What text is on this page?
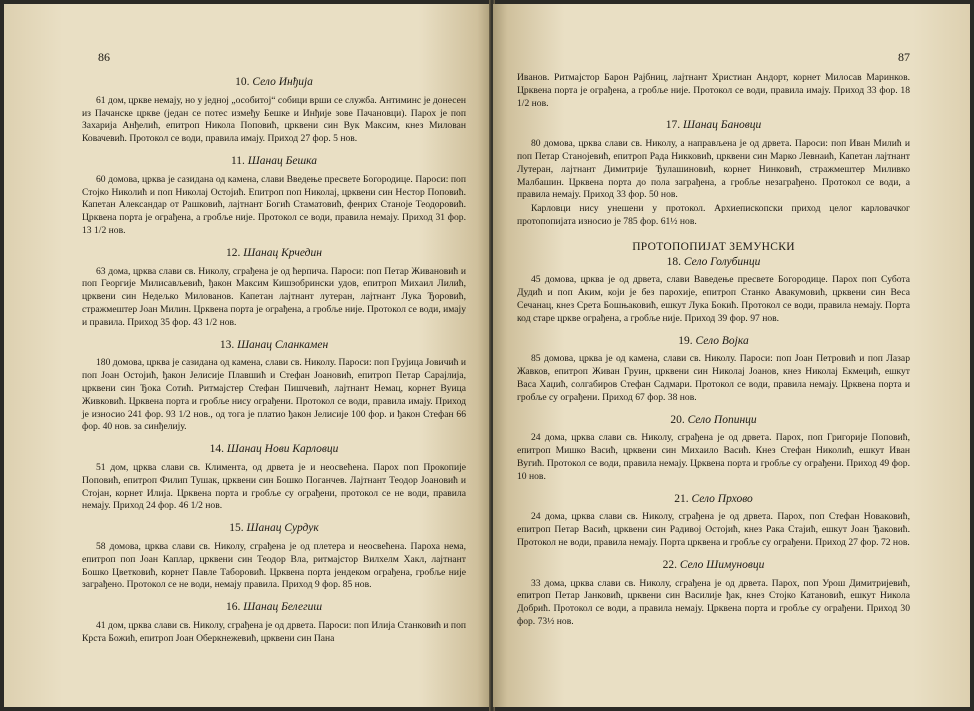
86
10. Село Инђија

61 дом, цркве немају, но у једној „особитој“ собици врши се служба. Антиминс је донесен из Пачанске цркве (један се потес између Бешке и Инђије зове Пачановци). Парох је поп Захарија Анђелић, епитроп Никола Поповић, црквени син Вук Максим, кнез Милован Ковачевић. Протокол се води, правила имају. Приход 27 фор. 5 нов.

11. Шанац Бешка

60 домова, црква је сазидана од камена, слави Введење пресвете Богородице. Пароси: поп Стојко Николић и поп Николај Остојић. Епитроп поп Николај, црквени син Нестор Поповић. Капетан Александар от Рашковић, лајтнант Богић Стаматовић, фенрих Станоје Теодоровић. Црквена порта је ограђена, а гробље није. Протокол се води, правила немају. Приход 31 фор. 13 1/2 нов.

12. Шанац Крчедин

63 дома, црква слави св. Николу, сграђена је од ћерпича. Пароси: поп Петар Живановић и поп Георгије Милисављевић, ђакон Максим Кишзобрински удов, епитроп Михаил Лилић, црквени син Недељко Милованов. Капетан лајтнант лутеран, лајтнант Лука Ђоровић, стражмештер Јоан Милин. Црквена порта је ограђена, а гробље није. Протокол се води, имају и правила. Приход 35 фор. 43 1/2 нов.

13. Шанац Сланкамен

180 домова, црква је сазидана од камена, слави св. Николу. Пароси: поп Грујица Јовичић и поп Јоан Остојић, ђакон Јелисије Плавшић и Стефан Јоановић, епитроп Петар Сарајлија, црквени син Ђока Сотић. Ритмајстер Стефан Пишчевић, лајтнант Немац, корнет Вуица Живковић. Црквена порта и гробље нису ограђени. Протокол се води, правила имају. Приход је износио 241 фор. 93 1/2 нов., од тога је платио ђакон Јелисије 100 фор. и ђакон Стефан 66 фор. 40 нов. за синђелију.

14. Шанац Нови Карловци

51 дом, црква слави св. Климента, од дрвета је и неосвећена. Парох поп Прокопије Поповић, епитроп Филип Тушак, црквени син Бошко Поганчев. Лајтнант Теодор Јоановић и Стојан, корнет Илија. Црквена порта и гробље су ограђени, протокол се не води, правила немају. Приход 24 фор. 46 1/2 нов.

15. Шанац Сурдук

58 домова, црква слави св. Николу, сграђена је од плетера и неосвећена. Пароха нема, епитроп поп Јоан Каплар, црквени син Теодор Вла, ритмајстор Вилхелм Хакл, лајтнант Бошко Цветковић, корнет Павле Таборовић. Црквена порта јендеком ограђена, гробље није заграђено. Протокол се не води, немају правила. Приход 9 фор. 85 нов.

16. Шанац Белегиш

41 дом, црква слави св. Николу, сграђена је од дрвета. Пароси: поп Илија Станковић и поп Крста Божић, епитроп Јоан Оберкнежевић, црквени син Пана

87

Иванов. Ритмајстор Барон Рајбниц, лајтнант Христиан Андорт, корнет Милосав Маринков. Црквена порта је ограђена, а гробље није. Протокол се води, правила имају. Приход 33 фор. 18 1/2 нов.

17. Шанац Бановци

80 домова, црква слави св. Николу, а направљена је од дрвета. Пароси: поп Иван Милић и поп Петар Станојевић, епитроп Рада Никковић, црквени син Марко Левнаић, Капетан лајтнант Лутеран, лајтнант Димитрије Ђулашиновић, корнет Нинковић, стражмештер Миливко Малбашин. Црквена порта до пола заграђена, а гробље незаграђено. Протокол се води, а правила немају. Приход 33 фор. 50 нов.

Карловци нису унешени у протокол. Архиепископски приход целог карловачког протопопијата износио је 785 фор. 61½ нов.

ПРОТОПОПИЈАТ ЗЕМУНСКИ
18. Село Голубинци

45 домова, црква је од дрвета, слави Ваведење пресвете Богородице. Парох поп Субота Дудић и поп Аким, који је без парохије, епитроп Станко Авакумовић, црквени син Веса Сечанац, кнез Срета Бошњаковић, ешкут Лука Бокић. Протокол се води, правила немају. Порта код старе цркве ограђена, а гробље није. Приход 39 фор. 97 нов.

19. Село Војка

85 домова, црква је од камена, слави св. Николу. Пароси: поп Јоан Петровић и поп Лазар Жавков, епитроп Живан Груин, црквени син Николај Јоанов, кнез Николај Екмецић, ешкут Васа Хаџић, солгабиров Стефан Садмари. Протокол се води, правила немају. Црквена порта и гробље су ограђени. Приход 67 фор. 38 нов.

20. Село Попинци

24 дома, црква слави св. Николу, сграђена је од дрвета. Парох, поп Григорије Поповић, епитроп Мишко Васић, црквени син Михаило Васић. Кнез Стефан Николић, ешкут Иван Вугић. Протокол се води, правила немају. Црквена порта и гробље су ограђени. Приход 49 фор. 10 нов.

21. Село Прхово

24 дома, црква слави св. Николу, сграђена је од дрвета. Парох, поп Стефан Новаковић, епитроп Петар Васић, црквени син Радивој Остојић, кнез Рака Стајић, ешкут Јоан Ђаковић. Протокол не води, правила немају. Порта црквена и гробље су ограђени. Приход 27 фор. 72 нов.

22. Село Шимуновци

33 дома, црква слави св. Николу, сграђена је од дрвета. Парох, поп Урош Димитријевић, епитроп Петар Јанковић, црквени син Василије ђак, кнез Стојко Катановић, ешкут Никола Добрић. Протокол се води, а правила немају. Црквена порта и гробље су ограђени. Приход 30 фор. 73½ нов.
